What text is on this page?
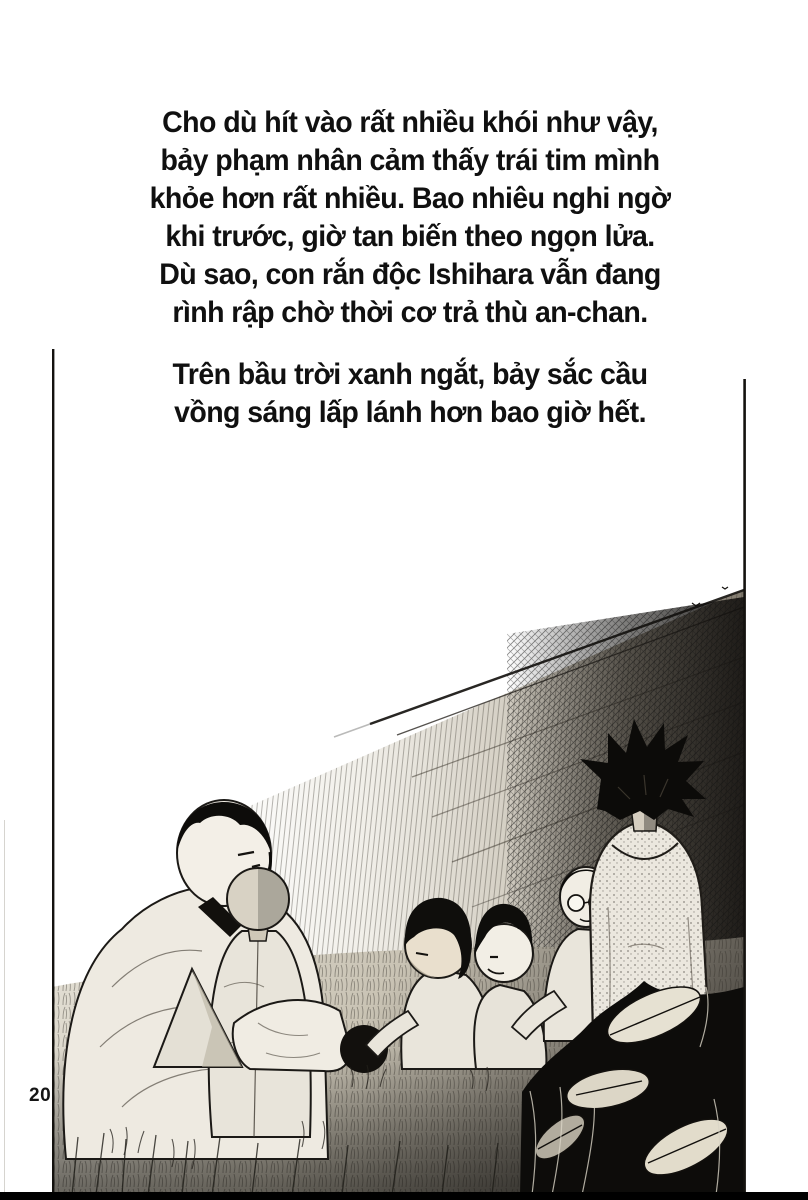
Cho dù hít vào rất nhiều khói như vậy,
bảy phạm nhân cảm thấy trái tim mình
khỏe hơn rất nhiều. Bao nhiêu nghi ngờ
khi trước, giờ tan biến theo ngọn lửa.
Dù sao, con rắn độc Ishihara vẫn đang
rình rập chờ thời cơ trả thù an-chan.
Trên bầu trời xanh ngắt, bảy sắc cầu
vồng sáng lấp lánh hơn bao giờ hết.
20
